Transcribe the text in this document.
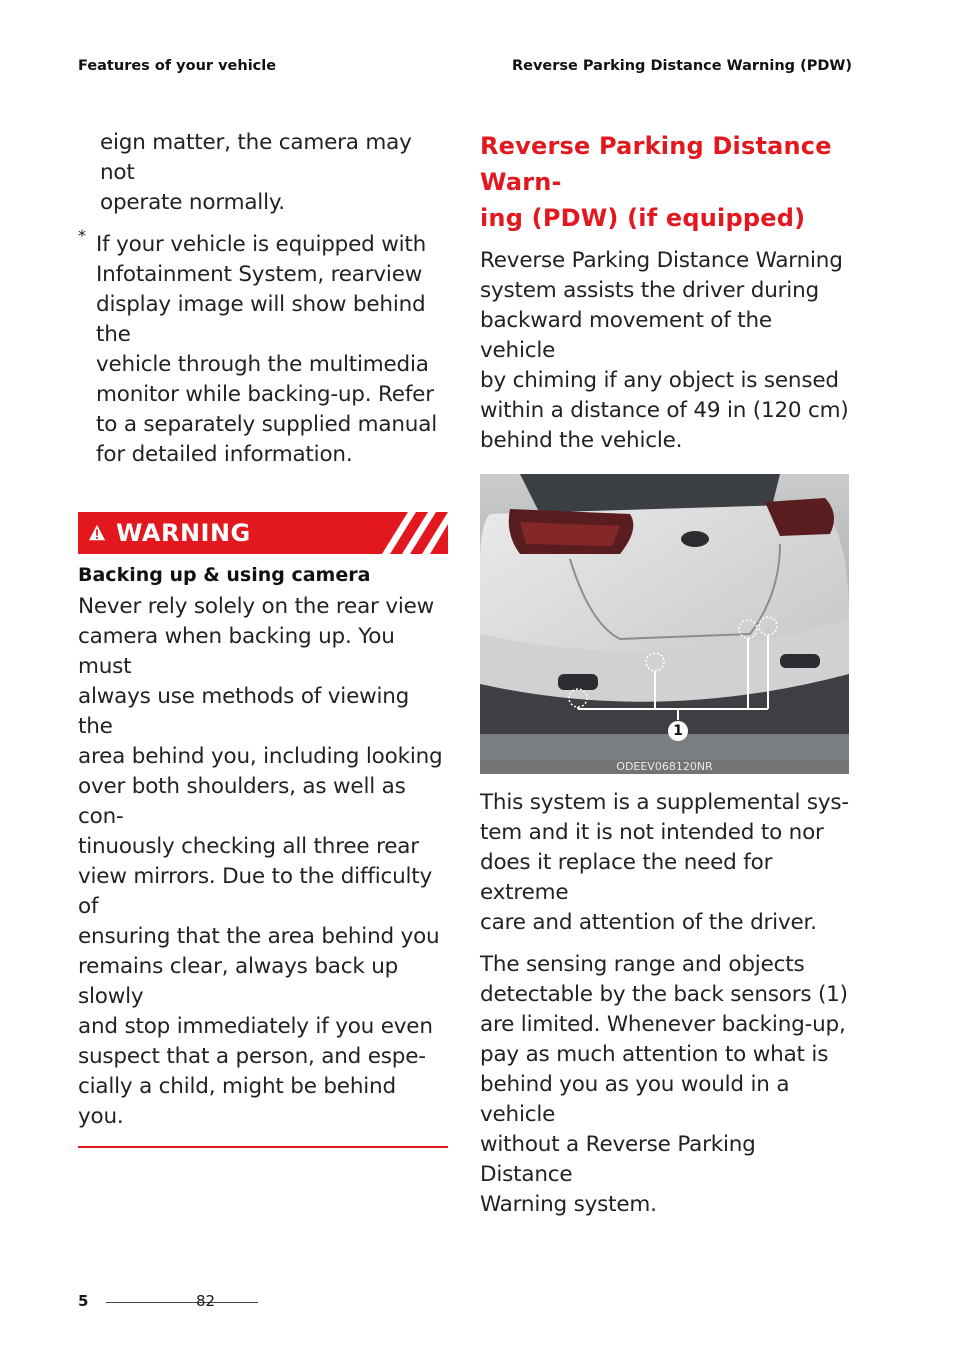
Features of your vehicle	Reverse Parking Distance Warning (PDW)

eign matter, the camera may not

operate normally.

* If your vehicle is equipped with

Infotainment System, rearview

display image will show behind the

vehicle through the multimedia

monitor while backing-up. Refer

to a separately supplied manual

for detailed information.

WARNING
Backing up & using camera

Never rely solely on the rear view

camera when backing up. You must

always use methods of viewing the

area behind you, including looking

over both shoulders, as well as con-

tinuously checking all three rear

view mirrors. Due to the difficulty of

ensuring that the area behind you

remains clear, always back up slowly

and stop immediately if you even

suspect that a person, and espe-

cially a child, might be behind you.

Reverse Parking Distance Warn-

ing (PDW) (if equipped)

Reverse Parking Distance Warning

system assists the driver during

backward movement of the vehicle

by chiming if any object is sensed

within a distance of 49 in (120 cm)

behind the vehicle.

1
ODEEV068120NR

This system is a supplemental sys-

tem and it is not intended to nor

does it replace the need for extreme

care and attention of the driver.

The sensing range and objects

detectable by the back sensors (1)

are limited. Whenever backing-up,

pay as much attention to what is

behind you as you would in a vehicle

without a Reverse Parking Distance

Warning system.

5	82
